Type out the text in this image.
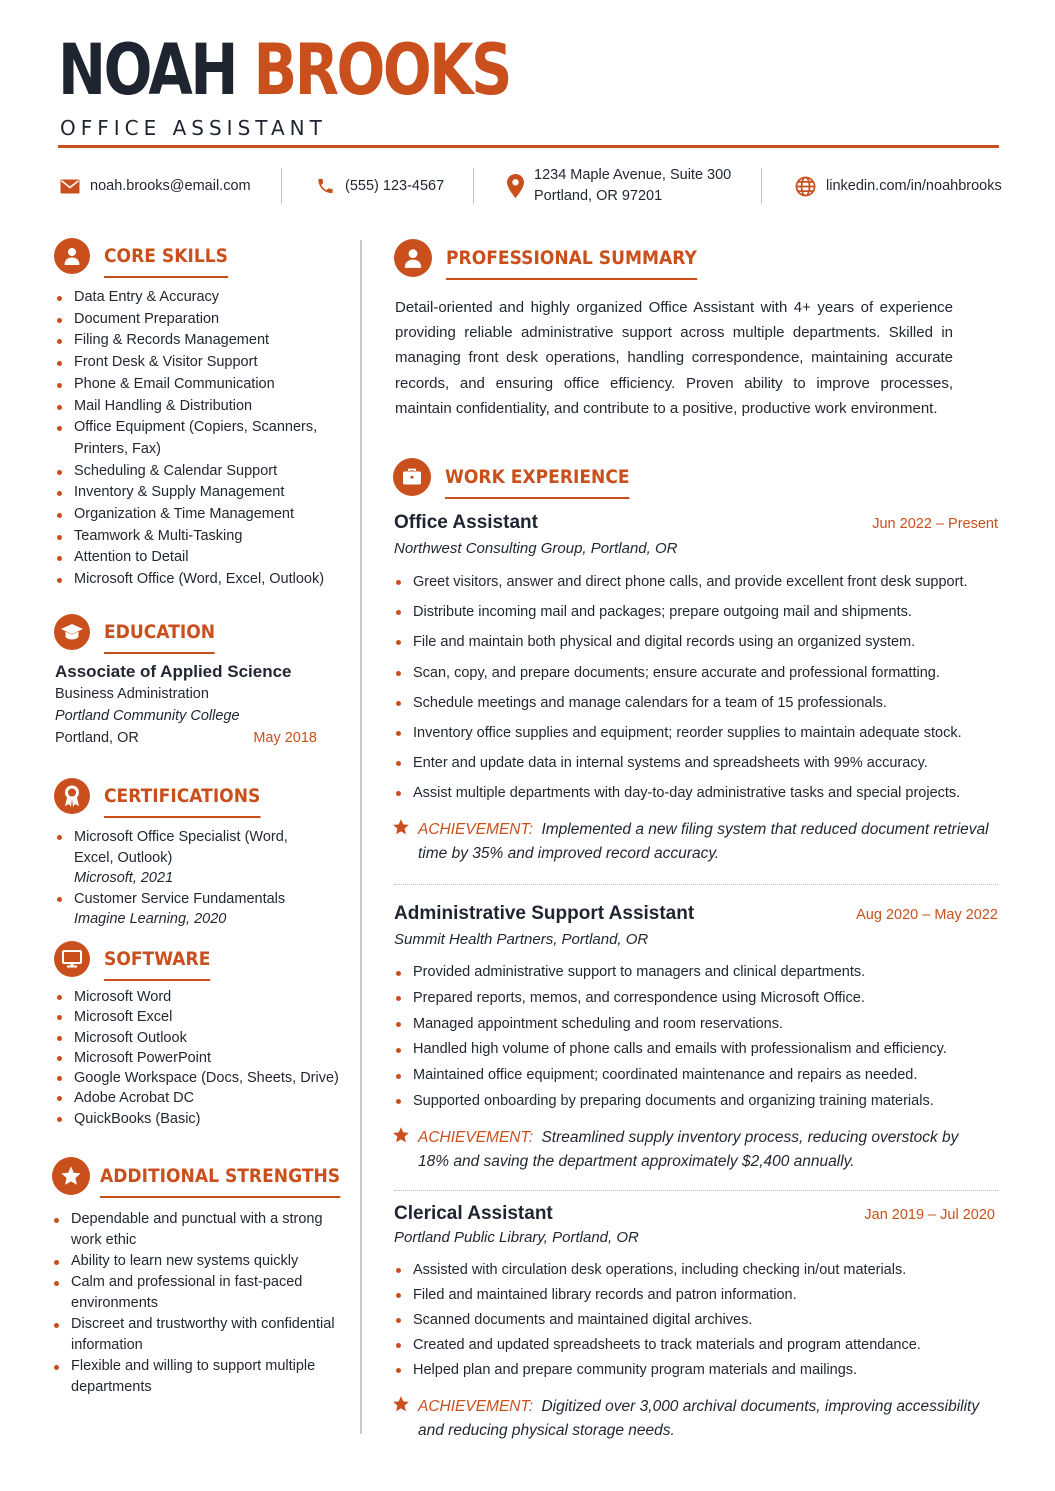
NOAH BROOKS
OFFICE ASSISTANT
noah.brooks@email.com	(555) 123-4567
1234 Maple Avenue, Suite 300
Portland, OR 97201
linkedin.com/in/noahbrooks
CORE SKILLS
Data Entry & Accuracy
Document Preparation
Filing & Records Management
Front Desk & Visitor Support
Phone & Email Communication
Mail Handling & Distribution
Office Equipment (Copiers, Scanners, Printers, Fax)
Scheduling & Calendar Support
Inventory & Supply Management
Organization & Time Management
Teamwork & Multi-Tasking
Attention to Detail
Microsoft Office (Word, Excel, Outlook)
EDUCATION
Associate of Applied Science
Business Administration
Portland Community College
Portland, OR	May 2018
CERTIFICATIONS
Microsoft Office Specialist (Word, Excel, Outlook)
Microsoft, 2021
Customer Service Fundamentals
Imagine Learning, 2020
SOFTWARE
Microsoft Word
Microsoft Excel
Microsoft Outlook
Microsoft PowerPoint
Google Workspace (Docs, Sheets, Drive)
Adobe Acrobat DC
QuickBooks (Basic)
ADDITIONAL STRENGTHS
Dependable and punctual with a strong work ethic
Ability to learn new systems quickly
Calm and professional in fast-paced environments
Discreet and trustworthy with confidential information
Flexible and willing to support multiple departments
PROFESSIONAL SUMMARY
Detail-oriented and highly organized Office Assistant with 4+ years of experience providing reliable administrative support across multiple departments. Skilled in managing front desk operations, handling correspondence, maintaining accurate records, and ensuring office efficiency. Proven ability to improve processes, maintain confidentiality, and contribute to a positive, productive work environment.
WORK EXPERIENCE
Office Assistant	Jun 2022 – Present
Northwest Consulting Group, Portland, OR
Greet visitors, answer and direct phone calls, and provide excellent front desk support.
Distribute incoming mail and packages; prepare outgoing mail and shipments.
File and maintain both physical and digital records using an organized system.
Scan, copy, and prepare documents; ensure accurate and professional formatting.
Schedule meetings and manage calendars for a team of 15 professionals.
Inventory office supplies and equipment; reorder supplies to maintain adequate stock.
Enter and update data in internal systems and spreadsheets with 99% accuracy.
Assist multiple departments with day-to-day administrative tasks and special projects.
ACHIEVEMENT: Implemented a new filing system that reduced document retrieval time by 35% and improved record accuracy.
Administrative Support Assistant	Aug 2020 – May 2022
Summit Health Partners, Portland, OR
Provided administrative support to managers and clinical departments.
Prepared reports, memos, and correspondence using Microsoft Office.
Managed appointment scheduling and room reservations.
Handled high volume of phone calls and emails with professionalism and efficiency.
Maintained office equipment; coordinated maintenance and repairs as needed.
Supported onboarding by preparing documents and organizing training materials.
ACHIEVEMENT: Streamlined supply inventory process, reducing overstock by 18% and saving the department approximately $2,400 annually.
Clerical Assistant	Jan 2019 – Jul 2020
Portland Public Library, Portland, OR
Assisted with circulation desk operations, including checking in/out materials.
Filed and maintained library records and patron information.
Scanned documents and maintained digital archives.
Created and updated spreadsheets to track materials and program attendance.
Helped plan and prepare community program materials and mailings.
ACHIEVEMENT: Digitized over 3,000 archival documents, improving accessibility and reducing physical storage needs.
